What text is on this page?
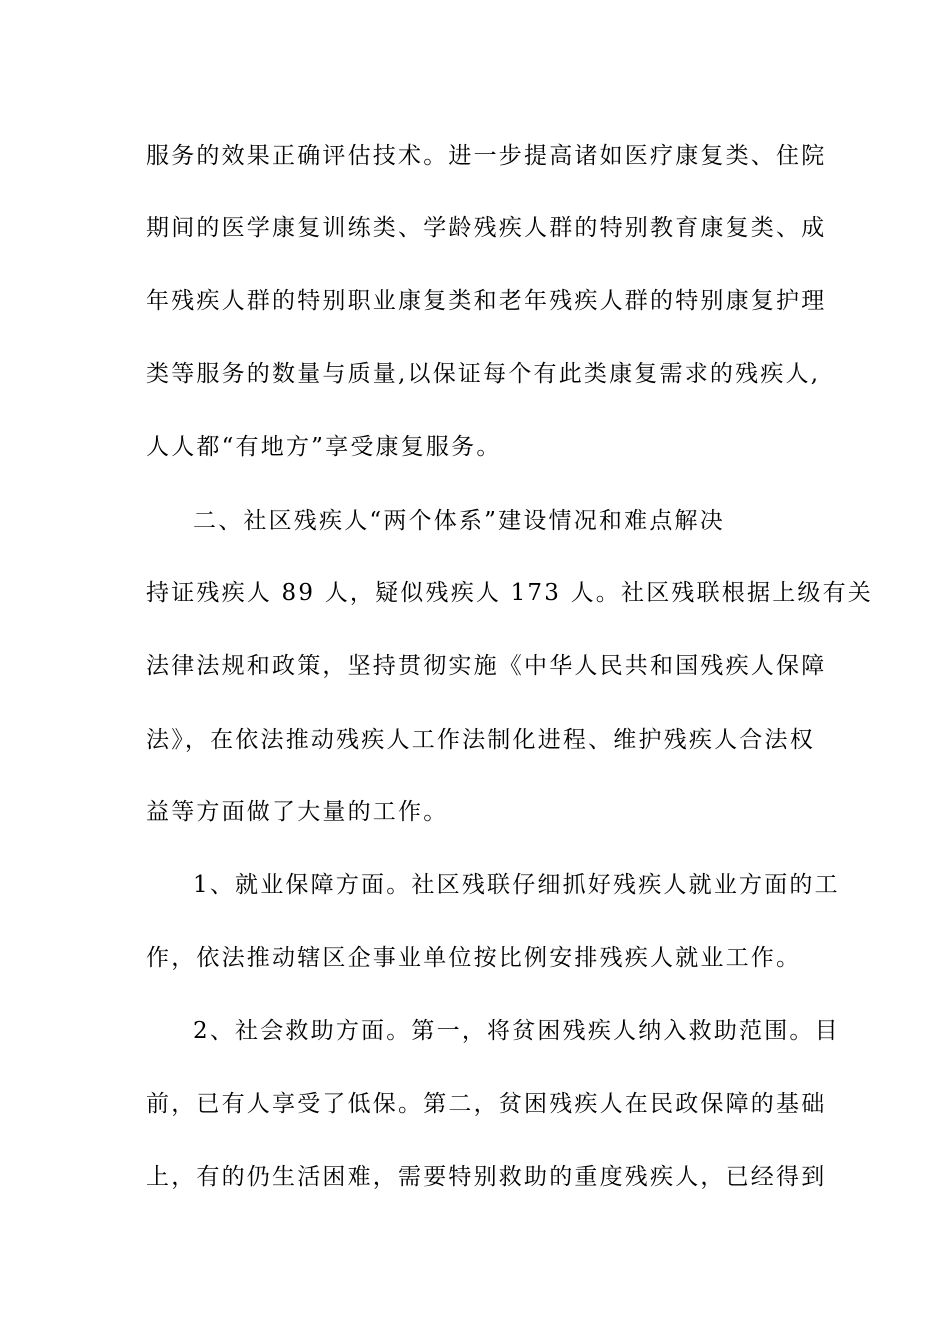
服务的效果正确评估技术。进一步提高诸如医疗康复类、住院
期间的医学康复训练类、学龄残疾人群的特别教育康复类、成
年残疾人群的特别职业康复类和老年残疾人群的特别康复护理
类等服务的数量与质量,以保证每个有此类康复需求的残疾人,
人人都“有地方”享受康复服务。
二、社区残疾人“两个体系”建设情况和难点解决
持证残疾人 89 人，疑似残疾人 173 人。社区残联根据上级有关
法律法规和政策，坚持贯彻实施《中华人民共和国残疾人保障
法》，在依法推动残疾人工作法制化进程、维护残疾人合法权
益等方面做了大量的工作。
1、就业保障方面。社区残联仔细抓好残疾人就业方面的工
作，依法推动辖区企事业单位按比例安排残疾人就业工作。
2、社会救助方面。第一，将贫困残疾人纳入救助范围。目
前，已有人享受了低保。第二，贫困残疾人在民政保障的基础
上，有的仍生活困难，需要特别救助的重度残疾人，已经得到
